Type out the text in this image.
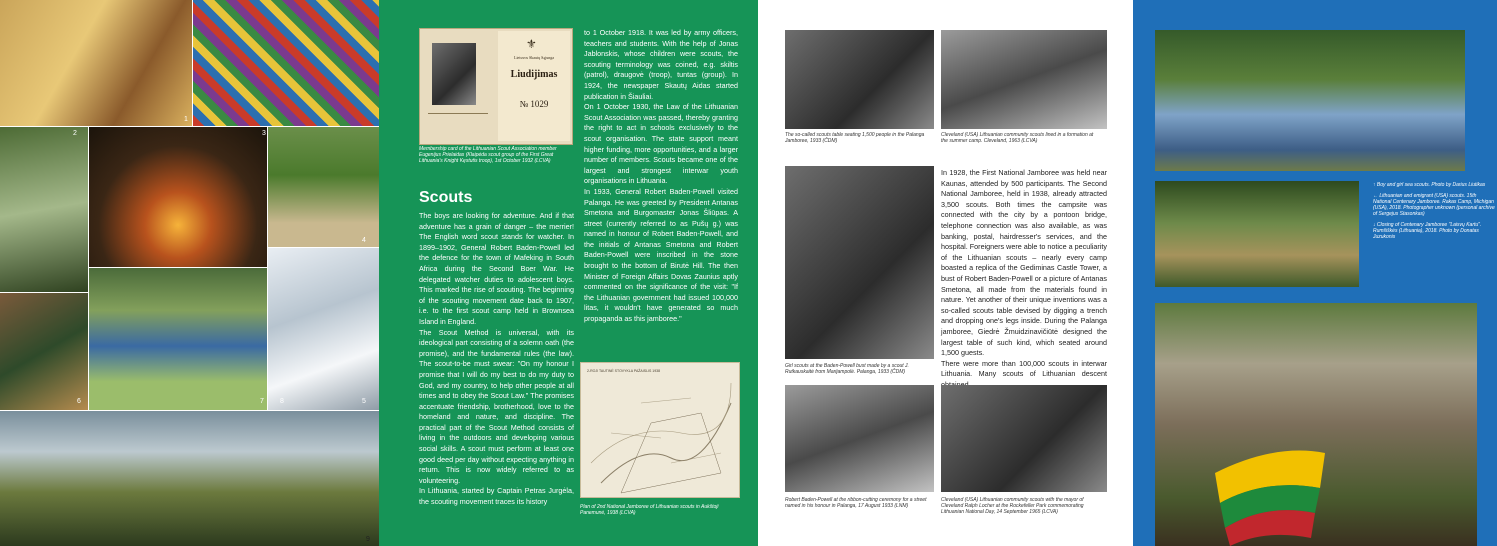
1
2	3
4
5
6	7 8
9
⚜
Lietuvos Skautų Sąjunga
Liudijimas
№ 1029
Membership card of the Lithuanian Scout Association member Eugenijus Prielaidas (Klaipėda scout group of the First Great Lithuania's Knight Kęstutis troop), 1st October 1932 (LCVA)
Scouts

The boys are looking for adventure. And if that adventure has a grain of danger – the merrier! The English word scout stands for watcher. In 1899–1902, General Robert Baden-Powell led the defence for the town of Mafeking in South Africa during the Second Boer War. He delegated watcher duties to adolescent boys. This marked the rise of scouting. The beginning of the scouting movement date back to 1907, i.e. to the first scout camp held in Brownsea Island in England.

The Scout Method is universal, with its ideological part consisting of a solemn oath (the promise), and the fundamental rules (the law). The scout-to-be must swear: "On my honour I promise that I will do my best to do my duty to God, and my country, to help other people at all times and to obey the Scout Law." The promises accentuate friendship, brotherhood, love to the homeland and nature, and discipline. The practical part of the Scout Method consists of living in the outdoors and developing various social skills. A scout must perform at least one good deed per day without expecting anything in return. This is now widely referred to as volunteering.

In Lithuania, started by Captain Petras Jurgėla, the scouting movement traces its history

to 1 October 1918. It was led by army officers, teachers and students. With the help of Jonas Jablonskis, whose children were scouts, the scouting terminology was coined, e.g. skiltis (patrol), draugovė (troop), tuntas (group). In 1924, the newspaper Skautų Aidas started publication in Šiauliai.

On 1 October 1930, the Law of the Lithuanian Scout Association was passed, thereby granting the right to act in schools exclusively to the scout organisation. The state support meant higher funding, more opportunities, and a larger number of members. Scouts became one of the largest and strongest interwar youth organisations in Lithuania.

In 1933, General Robert Baden-Powell visited Palanga. He was greeted by President Antanas Smetona and Burgomaster Jonas Šliūpas. A street (currently referred to as Pušų g.) was named in honour of Robert Baden-Powell, and the initials of Antanas Smetona and Robert Baden-Powell were inscribed in the stone brought to the bottom of Birutė Hill. The then Minister of Foreign Affairs Dovas Zaunius aptly commented on the significance of the visit: "If the Lithuanian government had issued 100,000 litas, it wouldn't have generated so much propaganda as this jamboree."

2-ROJI TAUTINĖ STOVYKLA PAŽAISLIS 1938
Plan of 2nd National Jamboree of Lithuanian scouts in Aukštoji Panemunė, 1938 (LCVA)
The so-called scouts table seating 1,500 people in the Palanga Jamboree, 1933 (ČDM)
Cleveland (USA) Lithuanian community scouts lined in a formation at the summer camp. Cleveland, 1963 (LCVA)
Girl scouts at the Baden-Powell bust made by a scout J. Rutkauskaitė from Marijampolė. Palanga, 1933 (ČDM)

In 1928, the First National Jamboree was held near Kaunas, attended by 500 participants. The Second National Jamboree, held in 1938, already attracted 3,500 scouts. Both times the campsite was connected with the city by a pontoon bridge, telephone connection was also available, as was banking, postal, hairdresser's services, and the hospital. Foreigners were able to notice a peculiarity of the Lithuanian scouts – nearly every camp boasted a replica of the Gediminas Castle Tower, a bust of Robert Baden-Powell or a picture of Antanas Smetona, all made from the materials found in nature. Yet another of their unique inventions was a so-called scouts table devised by digging a trench and dropping one's legs inside. During the Palanga jamboree, Giedrė Žmuidzinavičiūtė designed the largest table of such kind, which seated around 1,500 guests.

There were more than 100,000 scouts in interwar Lithuania. Many scouts of Lithuanian descent

Robert Baden-Powell at the ribbon-cutting ceremony for a street named in his honour in Palanga, 17 August 1933 (LNM)
Cleveland (USA) Lithuanian community scouts with the mayor of Cleveland Ralph Locher at the Rockefeller Park commemorating Lithuanian National Day, 14 September 1965 (LCVA)
↑ Boy and girl sea scouts. Photo by Darius Liutikas
← Lithuanian and emigrant (USA) scouts. 15th National Centenary Jamboree. Rakas Camp, Michigan (USA), 2018. Photographer unknown (personal archive of Sergejus Stasonkas)
↓ Closing of Centenary Jamboree "Laisvų Kartu". Rumšiškės (Lithuania), 2018. Photo by Donatas Juzukonis
